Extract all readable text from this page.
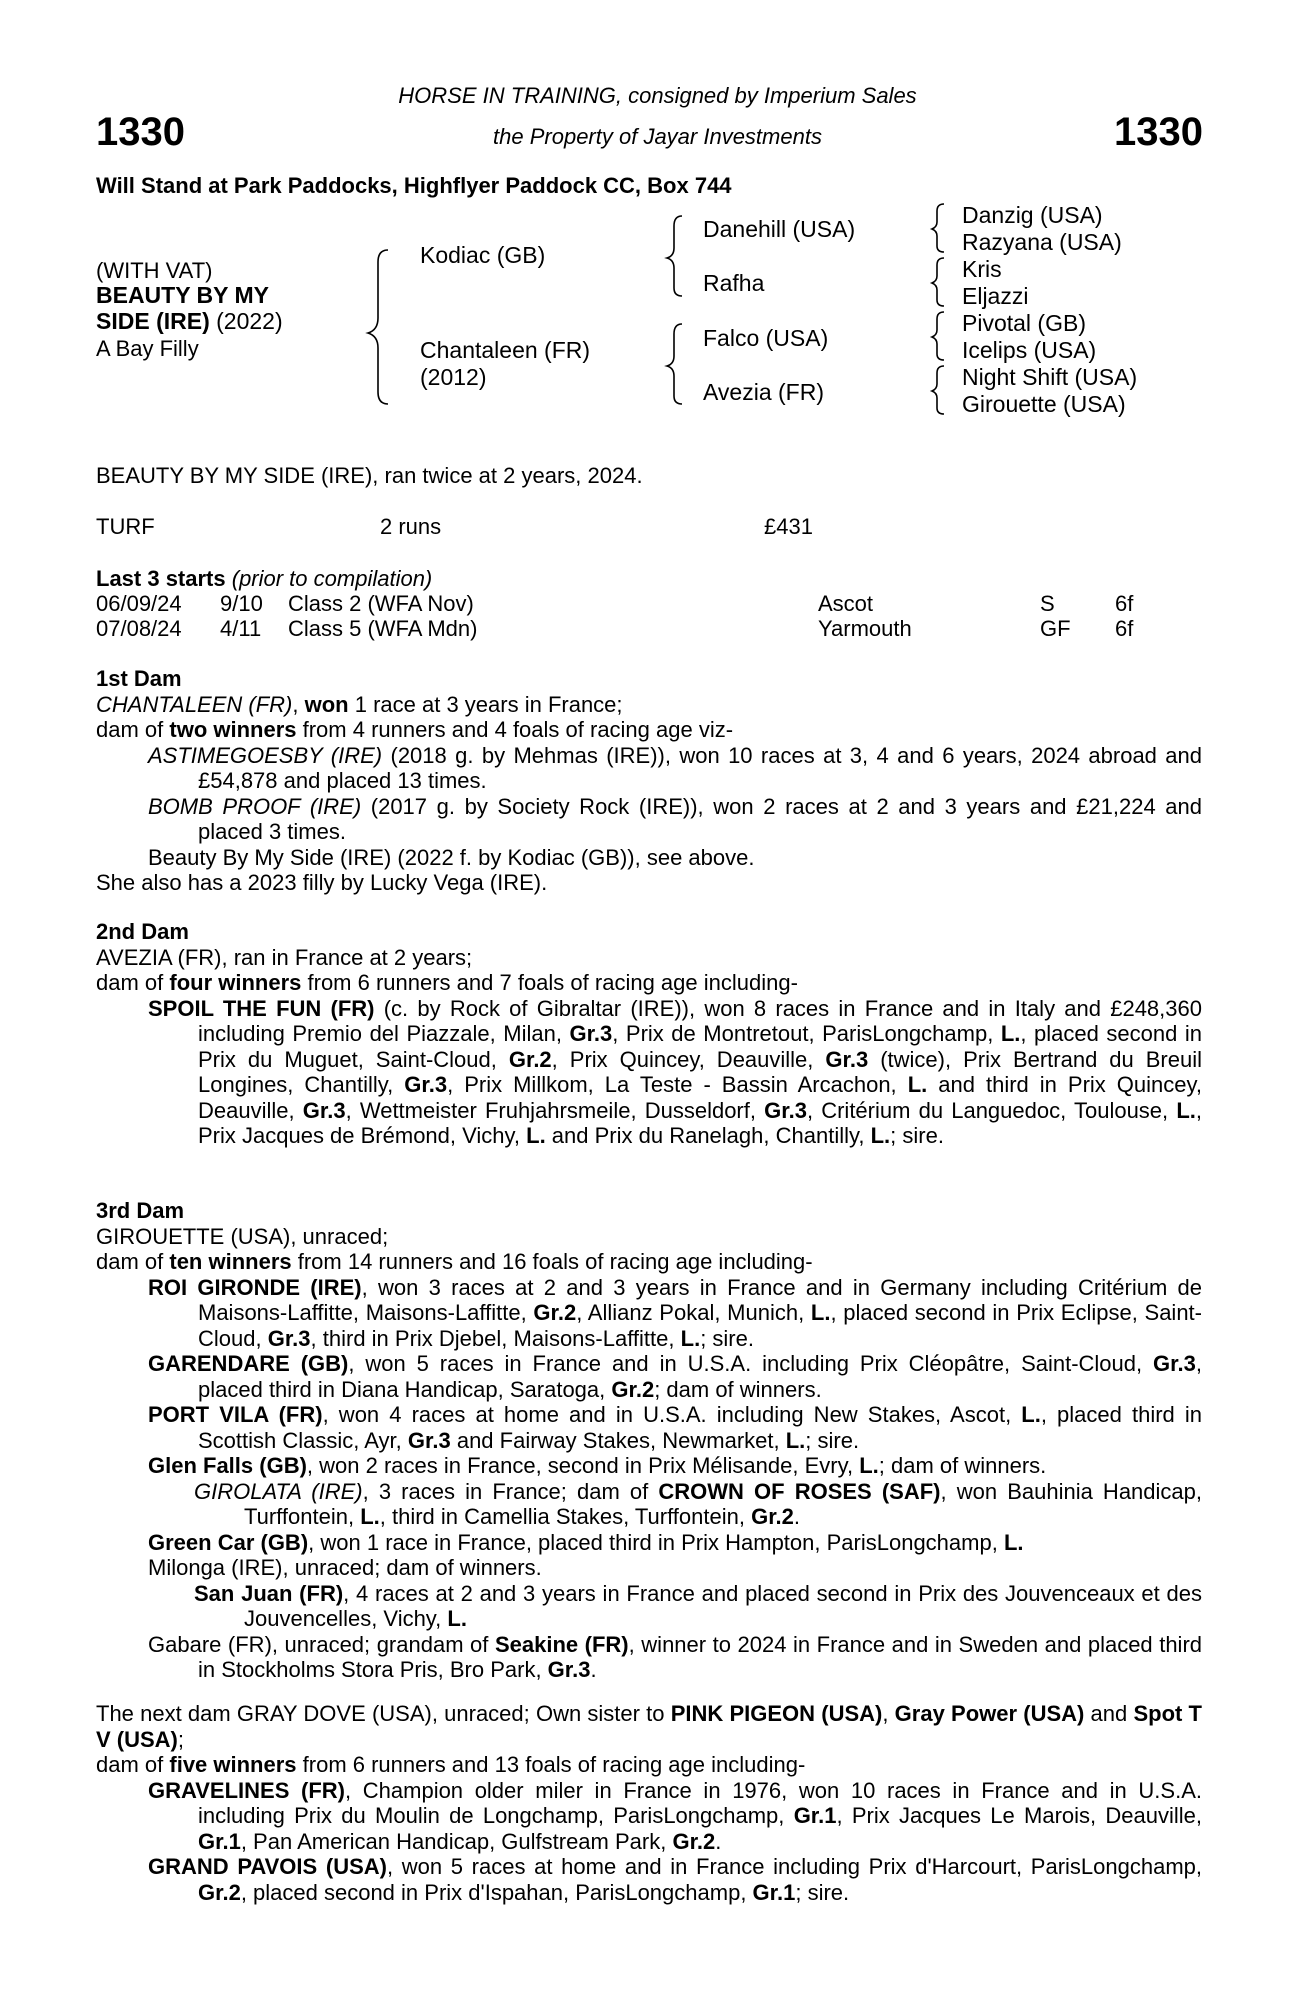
1330	1330
HORSE IN TRAINING, consigned by Imperium Sales
the Property of Jayar Investments
Will Stand at Park Paddocks, Highflyer Paddock CC, Box 744
(WITH VAT)
BEAUTY BY MY
SIDE (IRE) (2022)
A Bay Filly
Kodiac (GB)
Chantaleen (FR)
(2012)
Danehill (USA)
Rafha
Falco (USA)
Avezia (FR)
Danzig (USA)
Razyana (USA)
Kris
Eljazzi
Pivotal (GB)
Icelips (USA)
Night Shift (USA)
Girouette (USA)
BEAUTY BY MY SIDE (IRE), ran twice at 2 years, 2024.
TURF	2 runs	£431
Last 3 starts (prior to compilation)
06/09/24 9/10 Class 2 (WFA Nov)	Ascot	S	6f
07/08/24 4/11 Class 5 (WFA Mdn)	Yarmouth	GF 6f

1st Dam

CHANTALEEN (FR), won 1 race at 3 years in France;

dam of two winners from 4 runners and 4 foals of racing age viz-

ASTIMEGOESBY (IRE) (2018 g. by Mehmas (IRE)), won 10 races at 3, 4 and 6 years, 2024 abroad and £54,878 and placed 13 times.

BOMB PROOF (IRE) (2017 g. by Society Rock (IRE)), won 2 races at 2 and 3 years and £21,224 and placed 3 times.

Beauty By My Side (IRE) (2022 f. by Kodiac (GB)), see above.

She also has a 2023 filly by Lucky Vega (IRE).

2nd Dam

AVEZIA (FR), ran in France at 2 years;

dam of four winners from 6 runners and 7 foals of racing age including-

SPOIL THE FUN (FR) (c. by Rock of Gibraltar (IRE)), won 8 races in France and in Italy and £248,360 including Premio del Piazzale, Milan, Gr.3, Prix de Montretout, ParisLongchamp, L., placed second in Prix du Muguet, Saint-Cloud, Gr.2, Prix Quincey, Deauville, Gr.3 (twice), Prix Bertrand du Breuil Longines, Chantilly, Gr.3, Prix Millkom, La Teste - Bassin Arcachon, L. and third in Prix Quincey, Deauville, Gr.3, Wettmeister Fruhjahrsmeile, Dusseldorf, Gr.3, Critérium du Languedoc, Toulouse, L., Prix Jacques de Brémond, Vichy, L. and Prix du Ranelagh, Chantilly, L.; sire.

3rd Dam

GIROUETTE (USA), unraced;

dam of ten winners from 14 runners and 16 foals of racing age including-

ROI GIRONDE (IRE), won 3 races at 2 and 3 years in France and in Germany including Critérium de Maisons-Laffitte, Maisons-Laffitte, Gr.2, Allianz Pokal, Munich, L., placed second in Prix Eclipse, Saint-Cloud, Gr.3, third in Prix Djebel, Maisons-Laffitte, L.; sire.

GARENDARE (GB), won 5 races in France and in U.S.A. including Prix Cléopâtre, Saint-Cloud, Gr.3, placed third in Diana Handicap, Saratoga, Gr.2; dam of winners.

PORT VILA (FR), won 4 races at home and in U.S.A. including New Stakes, Ascot, L., placed third in Scottish Classic, Ayr, Gr.3 and Fairway Stakes, Newmarket, L.; sire.

Glen Falls (GB), won 2 races in France, second in Prix Mélisande, Evry, L.; dam of winners.

GIROLATA (IRE), 3 races in France; dam of CROWN OF ROSES (SAF), won Bauhinia Handicap, Turffontein, L., third in Camellia Stakes, Turffontein, Gr.2.

Green Car (GB), won 1 race in France, placed third in Prix Hampton, ParisLongchamp, L.

Milonga (IRE), unraced; dam of winners.

San Juan (FR), 4 races at 2 and 3 years in France and placed second in Prix des Jouvenceaux et des Jouvencelles, Vichy, L.

Gabare (FR), unraced; grandam of Seakine (FR), winner to 2024 in France and in Sweden and placed third in Stockholms Stora Pris, Bro Park, Gr.3.

The next dam GRAY DOVE (USA), unraced; Own sister to PINK PIGEON (USA), Gray Power (USA) and Spot T V (USA);

dam of five winners from 6 runners and 13 foals of racing age including-

GRAVELINES (FR), Champion older miler in France in 1976, won 10 races in France and in U.S.A. including Prix du Moulin de Longchamp, ParisLongchamp, Gr.1, Prix Jacques Le Marois, Deauville, Gr.1, Pan American Handicap, Gulfstream Park, Gr.2.

GRAND PAVOIS (USA), won 5 races at home and in France including Prix d'Harcourt, ParisLongchamp, Gr.2, placed second in Prix d'Ispahan, ParisLongchamp, Gr.1; sire.
